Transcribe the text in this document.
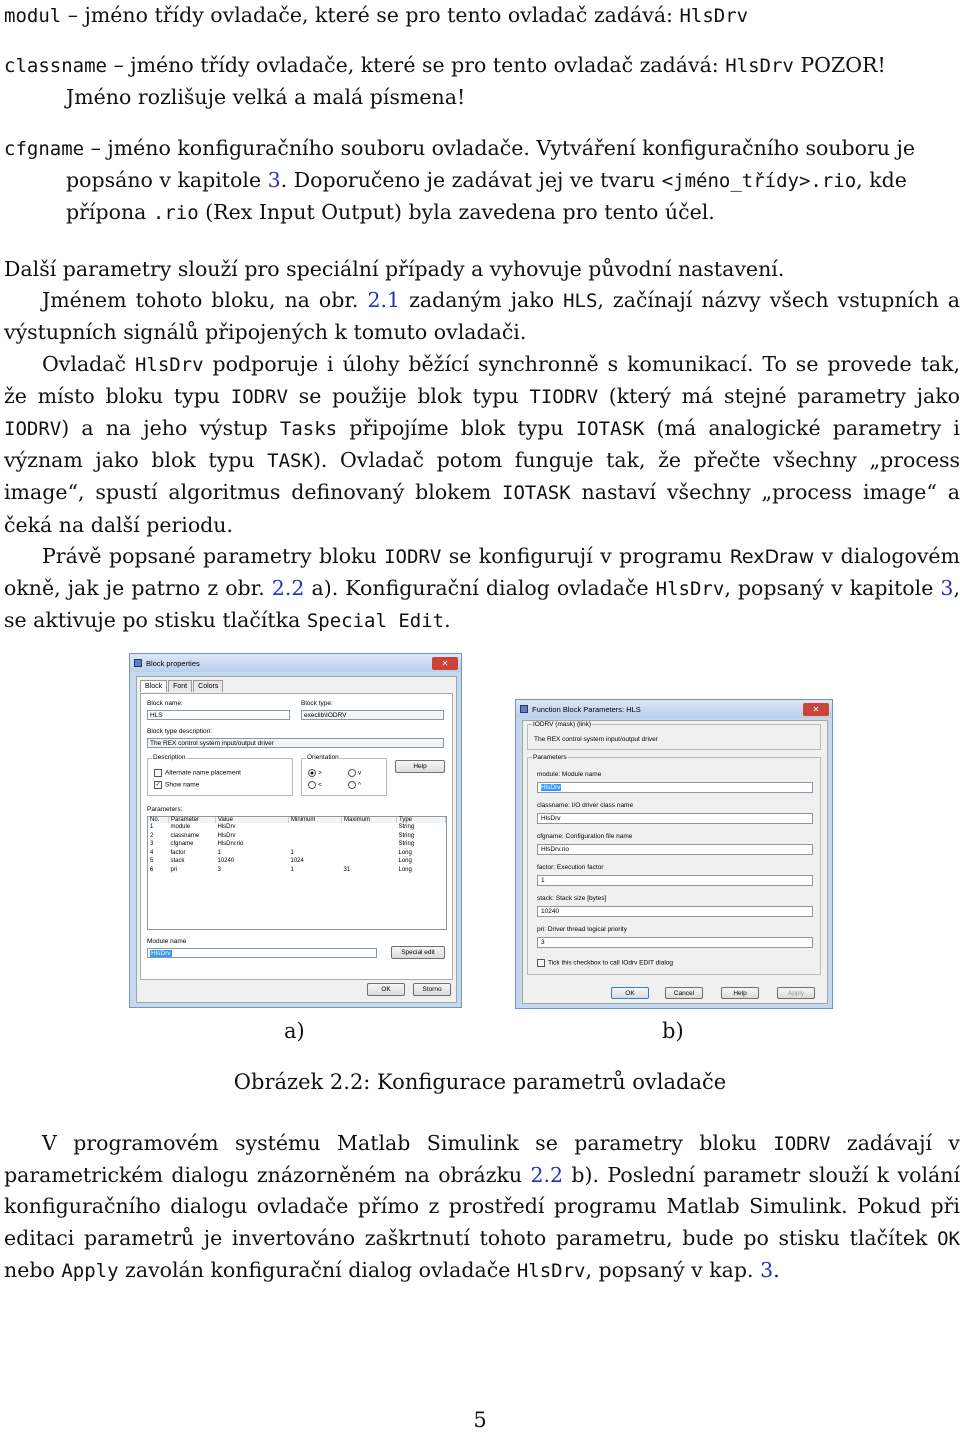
modul – jméno třídy ovladače, které se pro tento ovladač zadává: HlsDrv

classname – jméno třídy ovladače, které se pro tento ovladač zadává: HlsDrv POZOR!

Jméno rozlišuje velká a malá písmena!

cfgname – jméno konfiguračního souboru ovladače. Vytváření konfiguračního souboru je

popsáno v kapitole 3. Doporučeno je zadávat jej ve tvaru <jméno_třídy>.rio, kde

přípona .rio (Rex Input Output) byla zavedena pro tento účel.

Další parametry slouží pro speciální případy a vyhovuje původní nastavení.

Jménem tohoto bloku, na obr. 2.1 zadaným jako HLS, začínají názvy všech vstupních a výstupních signálů připojených k tomuto ovladači.

Ovladač HlsDrv podporuje i úlohy běžící synchronně s komunikací. To se provede tak, že místo bloku typu IODRV se použije blok typu TIODRV (který má stejné parametry jako IODRV) a na jeho výstup Tasks připojíme blok typu IOTASK (má analogické parametry i význam jako blok typu TASK). Ovladač potom funguje tak, že přečte všechny „process image“, spustí algoritmus definovaný blokem IOTASK nastaví všechny „process image“ a čeká na další periodu.

Právě popsané parametry bloku IODRV se konfigurují v programu RexDraw v dialogovém okně, jak je patrno z obr. 2.2 a). Konfigurační dialog ovladače HlsDrv, popsaný v kapitole 3, se aktivuje po stisku tlačítka Special Edit.

Block properties	✕
Block	Font	Colors
Block name:
HLS
Block type:
execlib\IODRV
Block type description:
The REX control system input/output driver
Description
Alternate name placement
✓ Show name
Orientation
>	v
<	^
Help
Parameters:
No.	Parameter	Value	Minimum	Maximum	Type
1	module	HlsDrv			String
2	classname	HlsDrv			String
3	cfgname	HlsDrv.rio			String
4	factor	1	1		Long
5	stack	10240	1024		Long
6	pri	3	1	31	Long
Module name
HlsDrv	Special edit
OK	Storno
Function Block Parameters: HLS	✕
IODRV (mask) (link)
The REX control system input/output driver
Parameters
module: Module name
HlsDrv
classname: I/O driver class name
HlsDrv
cfgname: Configuration file name
HlsDrv.rio
factor: Execution factor
1
stack: Stack size [bytes]
10240
pri: Driver thread logical priority
3
Tick this checkbox to call IOdrv EDIT dialog
OK	Cancel	Help	Apply
a)	b)
Obrázek 2.2: Konfigurace parametrů ovladače

V programovém systému Matlab Simulink se parametry bloku IODRV zadávají v parametrickém dialogu znázorněném na obrázku 2.2 b). Poslední parametr slouží k volání konfiguračního dialogu ovladače přímo z prostředí programu Matlab Simulink. Pokud při editaci parametrů je invertováno zaškrtnutí tohoto parametru, bude po stisku tlačítek OK nebo Apply zavolán konfigurační dialog ovladače HlsDrv, popsaný v kap. 3.

5
